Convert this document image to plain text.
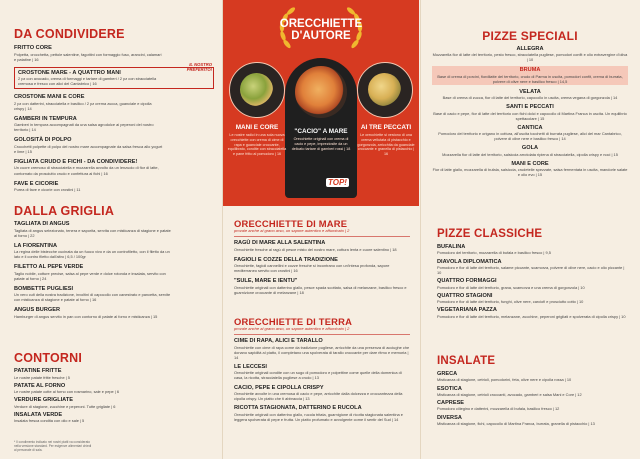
DA CONDIVIDERE
FRITTO CORE
Polpetta, crocchetta, pettole salentine, fagottini con formaggio fuso, arancini, calamari e patatine | 16
IL NOSTRO PREFERITO!
CROSTONE MARE - A QUATTRO MANI
2 pz con avocado, crema di formaggi e tartare di gamberi / 2 pz con stracciatella cremosa e fresco con alici del Cantabrico | 16
CROSTONE MANI E CORE
2 pz con datterini, stracciatella e basilico / 2 pz crema zucca, guanciale e cipolla crispy | 14
GAMBERI IN TEMPURA
Gamberi in tempura accompagnati da una salsa agrodolce ai peperoni del nostro territorio | 14
GOLOSITÀ DI POLPO
Crocchetti polpette di polpo del nostro mare accompagnate da salsa fresca allo yogurt e lime | 15
FIGLIATA CRUDO E FICHI - DA CONDIVIDERE!
Un cuore cremoso di stracciatella e mozzarella avvolto da un lenzuolo di fior di latte, contornato da prosciutto crudo e confettura ai fichi | 16
FAVE E CICORIE
Purea di fave e cicorie con crostini | 11
DALLA GRIGLIA
TAGLIATA DI ANGUS
Tagliata di angus selezionato, tenera e saporita, servita con misticanza di stagione e patate al forno | 22
LA FIORENTINA
La regina delle bistecche cucinata da un fuoco vivo e da un controfiletto, con il filetto da un lato e il contro filetto dall'altro | 6,5 / 100gr
FILETTO AL PEPE VERDE
Taglio nobile, cotture precise, salsa al pepe verde e dolce rotonda e insalata, servito con patate al forno | 24
BOMBETTE PUGLIESI
Un vero cult della nostra tradizione, involtini di capocollo con canestrato e pancetta, servite con misticanza di stagione e patate al forno | 16
ANGUS BURGER
Hamburger di angus servito in pan con contorno di patate al forno e misticanza | 15
CONTORNI
PATATINE FRITTE
Le nostre patate fritte fresche | 5
PATATE AL FORNO
Le nostre patate cotte al forno con rosmarino, sale e pepe | 6
VERDURE GRIGLIATE
Verdure di stagione, zucchine e peperoni. Tutte grigliate | 6
INSALATA VERDE
Insalata fresca condita con olio e sale | 5
* Il condimento indicato nei nostri piatti va considerato nella versione standard. Per esigenze alimentari chiedi al personale di sala.
ORECCHIETTE
D'AUTORE
MANI E CORE
Le nostre radici in una sola nuova orecchiette con crema di cime di rapa e guanciale croccante, equilibrato, condite con stracciatella e pane fritto al pomodoro | 16
"CACIO" A MARE
Orecchiette originali con crema di cacio e pepe, impreziosite da un delicato tartare di gamberi rossi | 18
TOP!
AI TRE PECCATI
Le orecchiette si vestono di una crema vellutata di pistacchio e gorgonzola, arricchita da guanciale croccante e granella di pistacchio | 16
ORECCHIETTE DI MARE
provale anche al grano arso, un sapore autentico e affumicato | 2
RAGÙ DI MARE ALLA SALENTINA
Orecchiette fresche al ragù di pesce misto del nostro mare, cottura lenta e cuore salentino | 18
FAGIOLI E COZZE DELLA TRADIZIONE
Orecchiette, fagioli cannellini e cozze fresche si incontrano con un'intesa profonda, sapore mediterraneo servito con crostini | 16
"SULE, MARE E IENTU"
Orecchiette originali con datterino giallo, pesce spada scottato, salsa di melanzane, basilico fresco e guarnizione croccante di melanzane | 18
ORECCHIETTE DI TERRA
provale anche al grano arso, un sapore autentico e affumicato | 2
CIME DI RAPA, ALICI E TARALLO
Orecchiette con cime di rapa come da tradizione pugliese, arricchite da una presenza di acciughe che donano sapidità al piatto, il completano una spolverata di tarallo croccante per dare ritmo e memoria | 14
LE LECCESI
Orecchiette originali condite con un sugo di pomodoro e polpettine come quelle della domenica di casa, la ricotta, stracciatella pugliese a crudo | 13
CACIO, PEPE E CIPOLLA CRISPY
Orecchiette avvolte in una cremosa di cacio e pepe, arricchite dalla dolcezza e croccantezza della cipolla crispy. Un piatto che ti abbraccia | 13
RICOTTA STAGIONATA, DATTERINO E RUCOLA
Orecchiette originali con datterino giallo, rucola tritata, guarnigione di ricotta stagionata salentina e leggera spolverata di pepe e frutta. Un piatto profumato e avvolgente come il sentir del Sud | 14
PIZZE SPECIALI
ALLEGRA
Mozzarella fior di latte del territorio, pesto fresco, stracciatella pugliese, pomodori confit e olio extravergine d'oliva | 10
BRUMA
Base di crema di porcini, fiordilatte del territorio, crudo di Parma in uscita, pomodori confit, crema di burrata, polvere di olive nere e basilico fresco | 14,5
VELATA
Base di crema di zucca, fior di latte del territorio, capocollo in uscita, crema vegana di gorgonzola | 14
SANTI E PECCATI
Base di cacio e pepe, fior di latte del territorio con fichi dolci e capocollo di Martina Franca in uscita. Un equilibrio spettacolare | 15
CANTICA
Pomodoro del territorio e origano in cottura, all'uscita tocchetti di burrata pugliese, alici del mar Cantabrico, polvere di olive nere e basilico fresco | 14
GOLA
Mozzarella fior di latte del territorio, salsiccia arrotolata ripiena di stracciatella, cipolla crispy e noci | 15
MANI E CORE
Fior di latte giallo, mozzarella di bufala, salsiccia, crudetelle spezzate, salsa fermentata in uscita, mandorle salate e olio evo | 15
PIZZE CLASSICHE
BUFALINA
Pomodoro del territorio, mozzarella di bufala e basilico fresco | 9,5
DIAVOLA DIPLOMATICA
Pomodoro e fior di latte del territorio, salame piccante, scamorza, polvere di olive nere, cacio e olio piccante | 10
QUATTRO FORMAGGI
Pomodoro e fior di latte del territorio, grana, scamorza e una crema di gorgonzola | 10
QUATTRO STAGIONI
Pomodoro e fior di latte del territorio, funghi, olive nere, carciofi e prosciutto cotto | 10
VEGETARIANA PAZZA
Pomodoro e fior di latte del territorio, melanzane, zucchine, peperoni grigliati e spolverata di cipolla crispy | 10
INSALATE
GRECA
Misticanza di stagione, cetrioli, pomodorini, feta, olive nere e cipolla rossa | 10
ESOTICA
Misticanza di stagione, cetrioli croccanti, avocado, gamberi e salsa Mani e Core | 12
CAPRESE
Pomodoro ciliegino e datterini, mozzarella di bufala, basilico fresco | 12
DIVERSA
Misticanza di stagione, fichi, capocollo di Martina Franca, burrata, granella di pistacchio | 13
